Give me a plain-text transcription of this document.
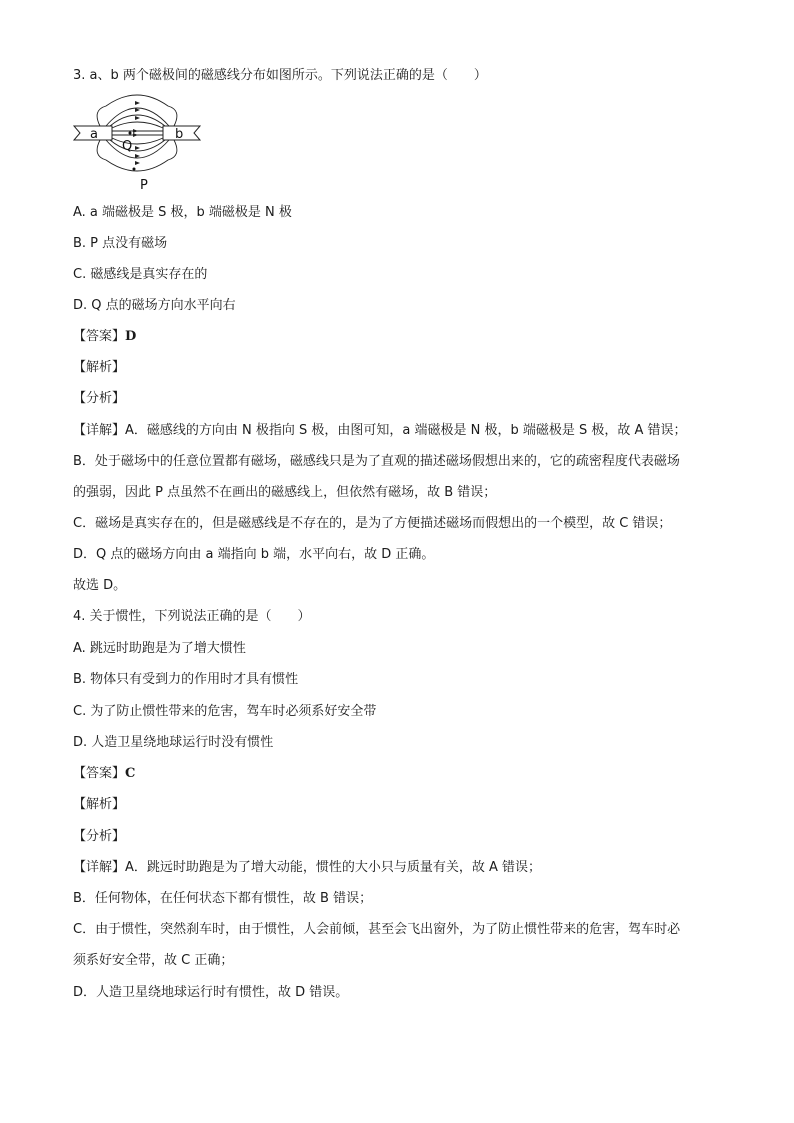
3. a、b 两个磁极间的磁感线分布如图所示。下列说法正确的是（　　）
a	b
Q
P
A. a 端磁极是 S 极，b 端磁极是 N 极
B. P 点没有磁场
C. 磁感线是真实存在的
D. Q 点的磁场方向水平向右
【答案】D
【解析】
【分析】
【详解】A．磁感线的方向由 N 极指向 S 极，由图可知，a 端磁极是 N 极，b 端磁极是 S 极，故 A 错误；
B．处于磁场中的任意位置都有磁场，磁感线只是为了直观的描述磁场假想出来的，它的疏密程度代表磁场
的强弱，因此 P 点虽然不在画出的磁感线上，但依然有磁场，故 B 错误；
C．磁场是真实存在的，但是磁感线是不存在的，是为了方便描述磁场而假想出的一个模型，故 C 错误；
D．Q 点的磁场方向由 a 端指向 b 端，水平向右，故 D 正确。
故选 D。
4. 关于惯性，下列说法正确的是（　　）
A. 跳远时助跑是为了增大惯性
B. 物体只有受到力的作用时才具有惯性
C. 为了防止惯性带来的危害，驾车时必须系好安全带
D. 人造卫星绕地球运行时没有惯性
【答案】C
【解析】
【分析】
【详解】A．跳远时助跑是为了增大动能，惯性的大小只与质量有关，故 A 错误；
B．任何物体，在任何状态下都有惯性，故 B 错误；
C．由于惯性，突然刹车时，由于惯性，人会前倾，甚至会飞出窗外，为了防止惯性带来的危害，驾车时必
须系好安全带，故 C 正确；
D．人造卫星绕地球运行时有惯性，故 D 错误。
